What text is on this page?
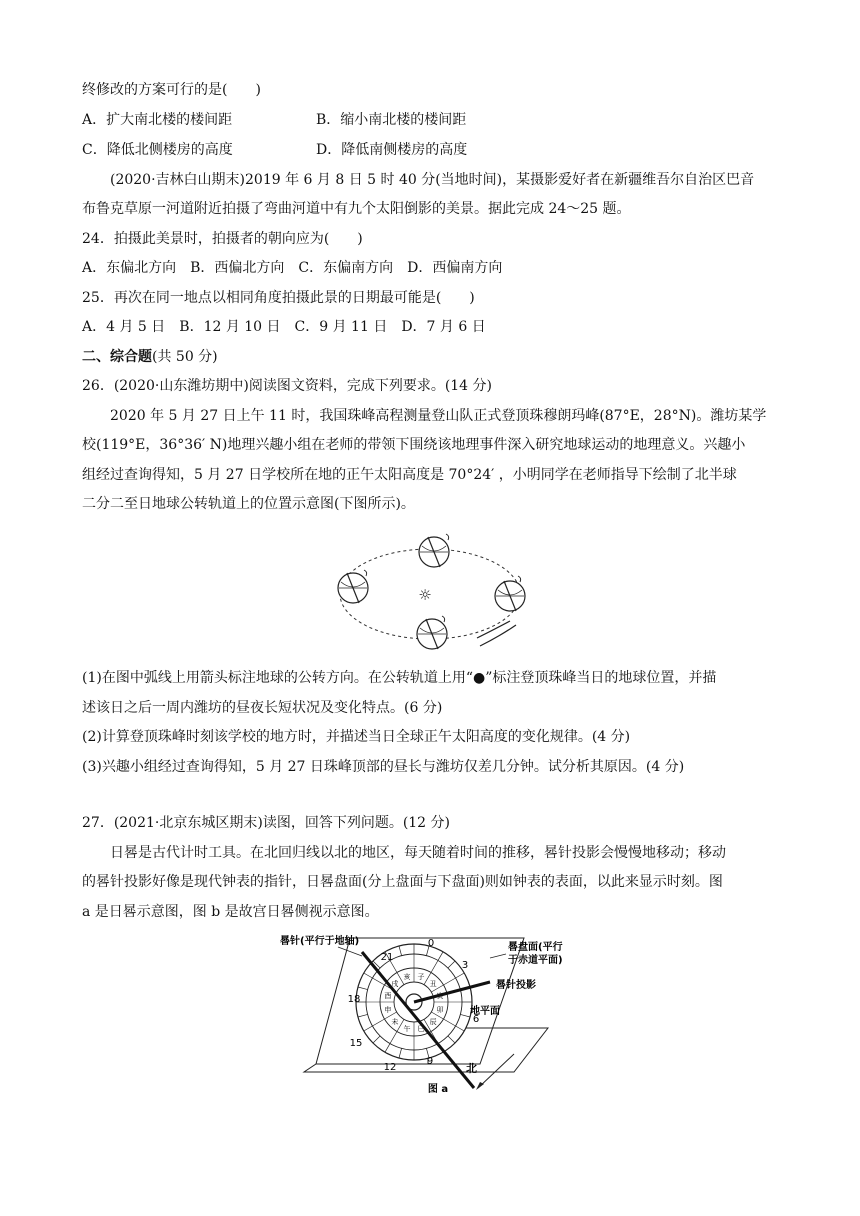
终修改的方案可行的是(　　)
A．扩大南北楼的楼间距	B．缩小南北楼的楼间距
C．降低北侧楼房的高度	D．降低南侧楼房的高度
(2020·吉林白山期末)2019 年 6 月 8 日 5 时 40 分(当地时间)，某摄影爱好者在新疆维吾尔自治区巴音
布鲁克草原一河道附近拍摄了弯曲河道中有九个太阳倒影的美景。据此完成 24～25 题。
24．拍摄此美景时，拍摄者的朝向应为(　　)
A．东偏北方向　B．西偏北方向　C．东偏南方向　D．西偏南方向
25．再次在同一地点以相同角度拍摄此景的日期最可能是(　　)
A．4 月 5 日　B．12 月 10 日　C．9 月 11 日　D．7 月 6 日
二、综合题(共 50 分)
26．(2020·山东潍坊期中)阅读图文资料，完成下列要求。(14 分)
2020 年 5 月 27 日上午 11 时，我国珠峰高程测量登山队正式登顶珠穆朗玛峰(87°E，28°N)。潍坊某学
校(119°E，36°36′ N)地理兴趣小组在老师的带领下围绕该地理事件深入研究地球运动的地理意义。兴趣小
组经过查询得知，5 月 27 日学校所在地的正午太阳高度是 70°24′ ，小明同学在老师指导下绘制了北半球
二分二至日地球公转轨道上的位置示意图(下图所示)。
☼
(1)在图中弧线上用箭头标注地球的公转方向。在公转轨道上用“●”标注登顶珠峰当日的地球位置，并描
述该日之后一周内潍坊的昼夜长短状况及变化特点。(6 分)
(2)计算登顶珠峰时刻该学校的地方时，并描述当日全球正午太阳高度的变化规律。(4 分)
(3)兴趣小组经过查询得知，5 月 27 日珠峰顶部的昼长与潍坊仅差几分钟。试分析其原因。(4 分)
27．(2021·北京东城区期末)读图，回答下列问题。(12 分)
日晷是古代计时工具。在北回归线以北的地区，每天随着时间的推移，晷针投影会慢慢地移动；移动
的晷针投影好像是现代钟表的指针，日晷盘面(分上盘面与下盘面)则如钟表的表面，以此来显示时刻。图
a 是日晷示意图，图 b 是故宫日晷侧视示意图。
子
丑
卯
辰
巳
午
未
申
酉
戌
亥
0
3
6
9
12
15
18
21
晷针(平行于地轴)
晷盘面(平行
于赤道平面)
晷针投影
地平面
北
图 a
